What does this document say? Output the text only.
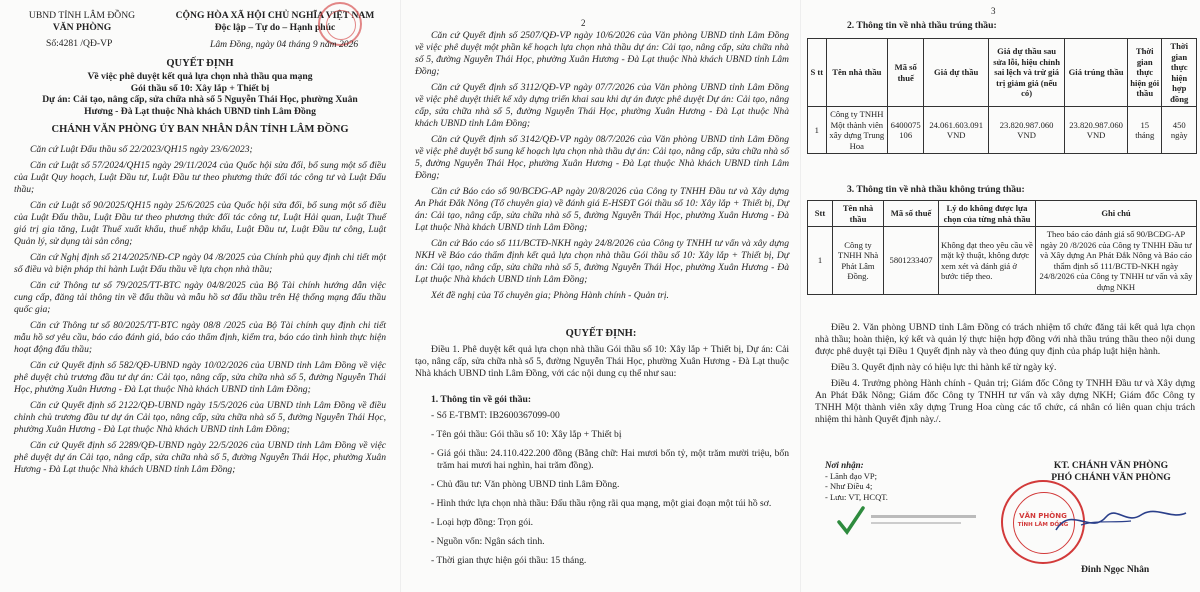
UBND TỈNH LÂM ĐỒNG
VĂN PHÒNG
Số:4281 /QĐ-VP
CỘNG HÒA XÃ HỘI CHỦ NGHĨA VIỆT NAM
Độc lập – Tự do – Hạnh phúc
Lâm Đồng, ngày 04 tháng 9 năm 2026
QUYẾT ĐỊNH
Về việc phê duyệt kết quả lựa chọn nhà thầu qua mạng
Gói thầu số 10: Xây lắp + Thiết bị
Dự án: Cải tạo, nâng cấp, sửa chữa nhà số 5 Nguyễn Thái Học, phường Xuân
Hương - Đà Lạt thuộc Nhà khách UBND tỉnh Lâm Đồng
CHÁNH VĂN PHÒNG ỦY BAN NHÂN DÂN TỈNH LÂM ĐỒNG

Căn cứ Luật Đấu thầu số 22/2023/QH15 ngày 23/6/2023;

Căn cứ Luật số 57/2024/QH15 ngày 29/11/2024 của Quốc hội sửa đổi, bổ sung một số điều của Luật Quy hoạch, Luật Đầu tư, Luật Đầu tư theo phương thức đối tác công tư và Luật Đấu thầu;

Căn cứ Luật số 90/2025/QH15 ngày 25/6/2025 của Quốc hội sửa đổi, bổ sung một số điều của Luật Đấu thầu, Luật Đầu tư theo phương thức đối tác công tư, Luật Hải quan, Luật Thuế giá trị gia tăng, Luật Thuế xuất khẩu, thuế nhập khẩu, Luật Đầu tư, Luật Đầu tư công, Luật Quản lý, sử dụng tài sản công;

Căn cứ Nghị định số 214/2025/NĐ-CP ngày 04 /8/2025 của Chính phủ quy định chi tiết một số điều và biện pháp thi hành Luật Đấu thầu về lựa chọn nhà thầu;

Căn cứ Thông tư số 79/2025/TT-BTC ngày 04/8/2025 của Bộ Tài chính hướng dẫn việc cung cấp, đăng tải thông tin về đấu thầu và mẫu hồ sơ đấu thầu trên Hệ thống mạng đấu thầu quốc gia;

Căn cứ Thông tư số 80/2025/TT-BTC ngày 08/8 /2025 của Bộ Tài chính quy định chi tiết mẫu hồ sơ yêu cầu, báo cáo đánh giá, báo cáo thẩm định, kiểm tra, báo cáo tình hình thực hiện hoạt động đấu thầu;

Căn cứ Quyết định số 582/QĐ-UBND ngày 10/02/2026 của UBND tỉnh Lâm Đồng về việc phê duyệt chủ trương đầu tư dự án: Cải tạo, nâng cấp, sửa chữa nhà số 5, đường Nguyễn Thái Học, phường Xuân Hương - Đà Lạt thuộc Nhà khách UBND tỉnh Lâm Đồng;

Căn cứ Quyết định số 2122/QĐ-UBND ngày 15/5/2026 của UBND tỉnh Lâm Đồng về điều chỉnh chủ trương đầu tư dự án Cải tạo, nâng cấp, sửa chữa nhà số 5, đường Nguyễn Thái Học, phường Xuân Hương - Đà Lạt thuộc Nhà khách UBND tỉnh Lâm Đồng;

Căn cứ Quyết định số 2289/QĐ-UBND ngày 22/5/2026 của UBND tỉnh Lâm Đồng về việc phê duyệt dự án Cải tạo, nâng cấp, sửa chữa nhà số 5, đường Nguyễn Thái Học, phường Xuân Hương - Đà Lạt thuộc Nhà khách UBND tỉnh Lâm Đồng;

2

Căn cứ Quyết định số 2507/QĐ-VP ngày 10/6/2026 của Văn phòng UBND tỉnh Lâm Đồng về việc phê duyệt một phần kế hoạch lựa chọn nhà thầu dự án: Cải tạo, nâng cấp, sửa chữa nhà số 5, đường Nguyễn Thái Học, phường Xuân Hương - Đà Lạt thuộc Nhà khách UBND tỉnh Lâm Đồng;

Căn cứ Quyết định số 3112/QĐ-VP ngày 07/7/2026 của Văn phòng UBND tỉnh Lâm Đồng về việc phê duyệt thiết kế xây dựng triển khai sau khi dự án được phê duyệt Dự án: Cải tạo, nâng cấp, sửa chữa nhà số 5, đường Nguyễn Thái Học, phường Xuân Hương - Đà Lạt thuộc Nhà khách UBND tỉnh Lâm Đồng;

Căn cứ Quyết định số 3142/QĐ-VP ngày 08/7/2026 của Văn phòng UBND tỉnh Lâm Đồng về việc phê duyệt bổ sung kế hoạch lựa chọn nhà thầu dự án: Cải tạo, nâng cấp, sửa chữa nhà số 5, đường Nguyễn Thái Học, phường Xuân Hương - Đà Lạt thuộc Nhà khách UBND tỉnh Lâm Đồng;

Căn cứ Báo cáo số 90/BCĐG-AP ngày 20/8/2026 của Công ty TNHH Đầu tư và Xây dựng An Phát Đắk Nông (Tổ chuyên gia) về đánh giá E-HSĐT Gói thầu số 10: Xây lắp + Thiết bị, Dự án: Cải tạo, nâng cấp, sửa chữa nhà số 5, đường Nguyễn Thái Học, phường Xuân Hương - Đà Lạt thuộc Nhà khách UBND tỉnh Lâm Đồng;

Căn cứ Báo cáo số 111/BCTĐ-NKH ngày 24/8/2026 của Công ty TNHH tư vấn và xây dựng NKH về Báo cáo thẩm định kết quả lựa chọn nhà thầu Gói thầu số 10: Xây lắp + Thiết bị, Dự án: Cải tạo, nâng cấp, sửa chữa nhà số 5, đường Nguyễn Thái Học, phường Xuân Hương - Đà Lạt thuộc Nhà khách UBND tỉnh Lâm Đồng;

Xét đề nghị của Tổ chuyên gia; Phòng Hành chính - Quản trị.

QUYẾT ĐỊNH:

Điều 1. Phê duyệt kết quả lựa chọn nhà thầu Gói thầu số 10: Xây lắp + Thiết bị, Dự án: Cải tạo, nâng cấp, sửa chữa nhà số 5, đường Nguyễn Thái Học, phường Xuân Hương - Đà Lạt thuộc Nhà khách UBND tỉnh Lâm Đồng, với các nội dung cụ thể như sau:

1. Thông tin về gói thầu:
- Số E-TBMT: IB2600367099-00
- Tên gói thầu: Gói thầu số 10: Xây lắp + Thiết bị
- Giá gói thầu: 24.110.422.200 đồng (Bằng chữ: Hai mươi bốn tỷ, một trăm mười triệu, bốn trăm hai mươi hai nghìn, hai trăm đồng).
- Chủ đầu tư: Văn phòng UBND tỉnh Lâm Đồng.
- Hình thức lựa chọn nhà thầu: Đấu thầu rộng rãi qua mạng, một giai đoạn một túi hồ sơ.
- Loại hợp đồng: Trọn gói.
- Nguồn vốn: Ngân sách tỉnh.
- Thời gian thực hiện gói thầu: 15 tháng.
3
2. Thông tin về nhà thầu trúng thầu:
S tt	Tên nhà thầu	Mã số thuế	Giá dự thầu	Giá dự thầu sau sửa lỗi, hiệu chỉnh sai lệch và trừ giá trị giảm giá (nếu có)	Giá trúng thầu	Thời gian thực hiện gói thầu	Thời gian thực hiện hợp đồng
1	Công ty TNHH Một thành viên xây dựng Trung Hoa	6400075106	24.061.603.091 VND	23.820.987.060 VND	23.820.987.060 VND	15 tháng	450 ngày
3. Thông tin về nhà thầu không trúng thầu:
Stt	Tên nhà thầu	Mã số thuế	Lý do không được lựa chọn của từng nhà thầu	Ghi chú
1	Công ty TNHH Nhà Phát Lâm Đồng.	5801233407	Không đạt theo yêu cầu về mặt kỹ thuật, không được xem xét và đánh giá ở bước tiếp theo.	Theo báo cáo đánh giá số 90/BCĐG-AP ngày 20 /8/2026 của Công ty TNHH Đầu tư và Xây dựng An Phát Đắk Nông và Báo cáo thẩm định số 111/BCTĐ-NKH ngày 24/8/2026 của Công ty TNHH tư vấn và xây dựng NKH

Điều 2. Văn phòng UBND tỉnh Lâm Đồng có trách nhiệm tổ chức đăng tải kết quả lựa chọn nhà thầu; hoàn thiện, ký kết và quản lý thực hiện hợp đồng với nhà thầu trúng thầu theo nội dung được phê duyệt tại Điều 1 Quyết định này và theo đúng quy định của pháp luật hiện hành.

Điều 3. Quyết định này có hiệu lực thi hành kể từ ngày ký.

Điều 4. Trưởng phòng Hành chính - Quản trị; Giám đốc Công ty TNHH Đầu tư và Xây dựng An Phát Đắk Nông; Giám đốc Công ty TNHH tư vấn và xây dựng NKH; Giám đốc Công ty TNHH Một thành viên xây dựng Trung Hoa cùng các tổ chức, cá nhân có liên quan chịu trách nhiệm thi hành Quyết định này./.

Nơi nhận:
- Lãnh đạo VP;
- Như Điều 4;
- Lưu: VT, HCQT.
KT. CHÁNH VĂN PHÒNG
PHÓ CHÁNH VĂN PHÒNG
VĂN PHÒNG
TỈNH LÂM ĐỒNG
Đinh Ngọc Nhân
